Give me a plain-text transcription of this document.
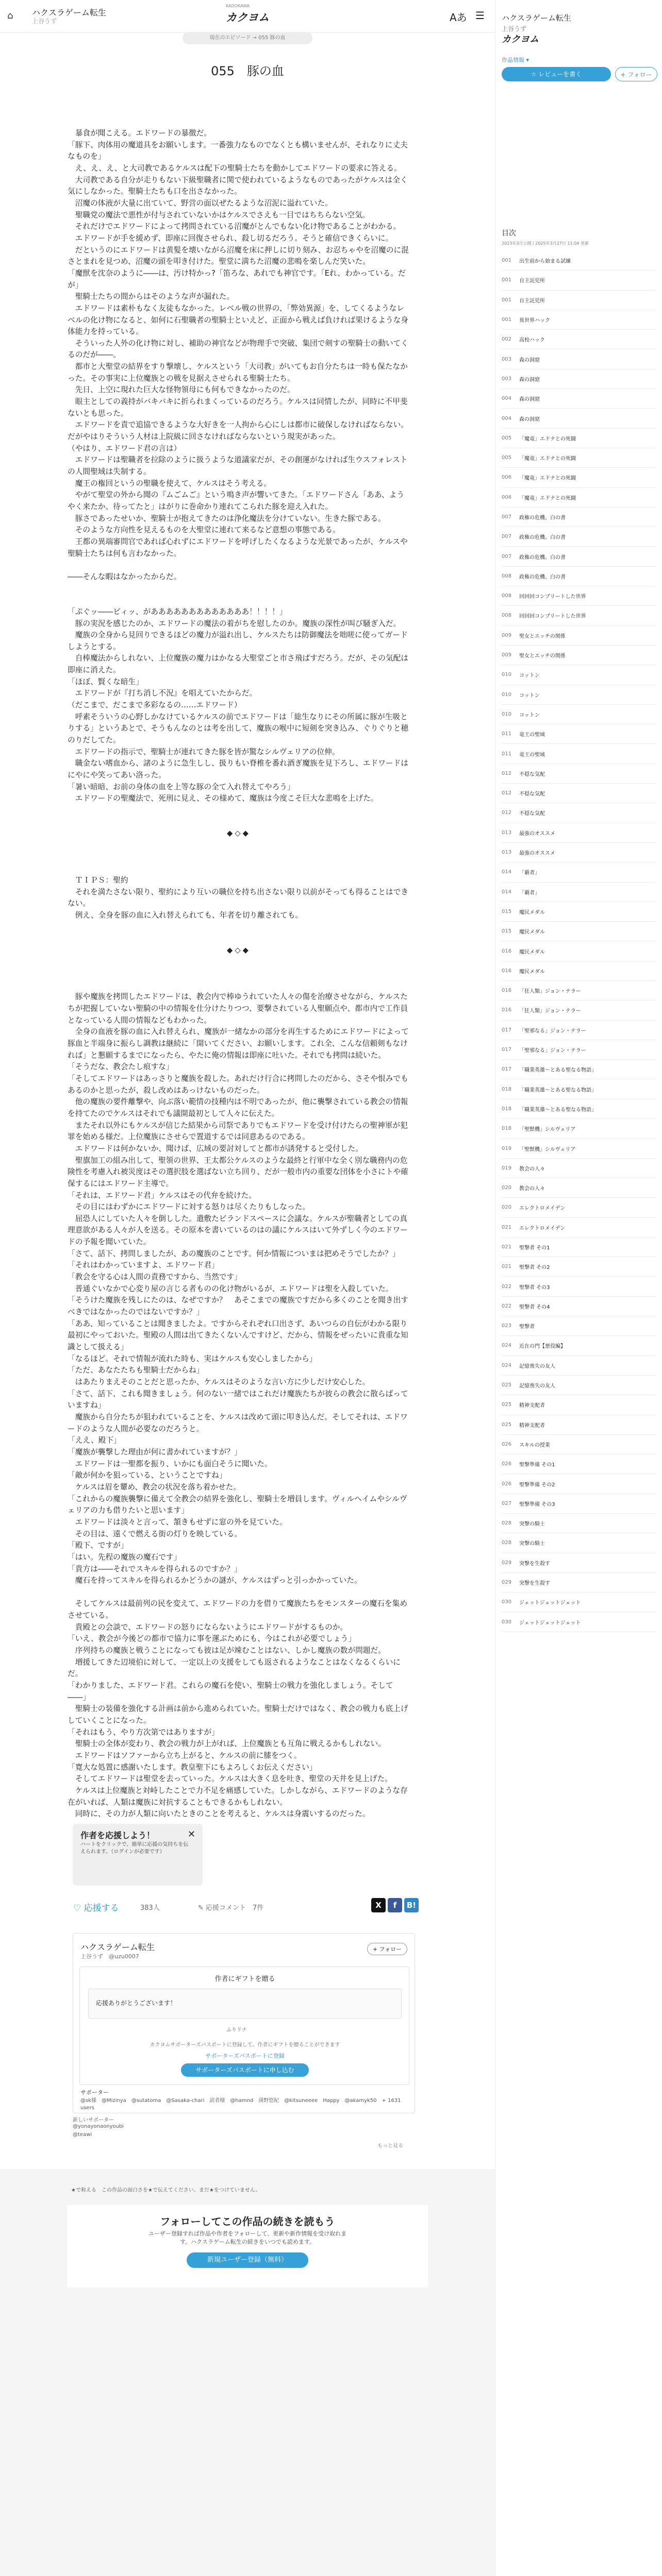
⌂ ハクスラゲーム転生
上谷うず
KADOKAWA
カクヨム	Aあ ☰
現在のエピソード → 055 豚の血
055　豚の血

　暴食が聞こえる。エドワードの暴徴だ。

「豚下、肉体用の魔道具をお願いします。一番強力なものでなくとも構いませんが、それなりに丈夫なものを」

　え、え、え、と大司教であるケルスは配下の聖騎士たちを動かしてエドワードの要求に答える。

　大司教である自分が走りもない下級聖職者に関で使われているようなものであったがケルスは全く気にしなかった。聖騎士たちも口を出さなかった。

　沼魔の体液が大量に出ていて、野営の面以ぜたるような沼泥に溢れていた。

　聖職党の魔法で悪性が付与されていないかはケルスでさえも一目ではちちらない空気。

　それだけでエドワードによって拷問されている沼魔がとんでもない化け物であることがわかる。

　エドワードが手を緩めず、即座に回復させられ、殺し切るだろう。そうと確信できくらいに。

　だというのにエドワードは黄髪を壊いながら沼魔を床に押しに切り刻み、お忍ちゃやを沼魔のに混さとまれを見つめ、沼魔の頭を叩き付けた。聖堂に満ちた沼魔の悲鳴を楽しんだ笑いた。

「魔獣を沈奈のように――は、汚け特かっ?「笛ろな、あれでも神官です。「Eれ、わかっている。だが」

　聖騎士たちの間からはそのような声が漏れた。

　エドワードは素朴もなく友徒もなかった。レベル戦の世界の、「弊効異源」を、してくるようなレベルの化け物になると、如何に石聖職者の聖騎士といえど、正面から戦えば負ければ果けるような身体能力を持っている。

　そういった人外の化け物に対し、補助の神官などが物理手で突破、集団で剣すの聖騎士の動いてくるのだが――。

　都市と大聖堂の結界をすり撃壊し、ケルスという「大司教」がいてもお自分たちは一時も保たなかった。その事実に上位魔族との戦を見据えさせられる聖騎士たち。

　先日、上空に現れた巨大な怪物領母にも何もできなかったのだ。

　眼主としての義持がバキバキに折られまくっているのだろう。ケルスは同情したが、同時に不甲斐ないとも思った。

　エドワードを責で追協できるような大好きを一人拘から心にしは都市に破保しなければならない。だがやはりそういう人材は上院級に回さなければならないという現実があった。

（やはり、エドワード君の言は）

　エドワードは聖職者を拉除のように扱うような道議家だが、その創運がなければ生ウスフォレストの人間聖域は失制する。

　魔王の権回というの聖職を使えて、ケルスはそう考える。

　やがて聖堂の外から聞の『ムごムご』という鳴き声が響いてきた。「エドワードさん「ああ、ようやく来たか。待ってたと」はがりに巻命かり連れてこられた豚を迎え入れた。

　豚さであったせいか、聖騎士が抱えてきたのは浄化魔法を分けていない。生きた豚である。

　そのような方向性を見えるものを大聖堂に連れて来るなど意想の事態である。

　王都の異端審問官であれば心れずにエドワードを呼げしたくなるような光景であったが、ケルスや聖騎士たちは何も言わなかった。

――そんな暇はなかったからだ。

「ぷぐッ――ピィッ、があああああああああああああ！！！！」

　豚の実況を感じたのか、エドワードの魔法の着がちを慰したのか。魔族の深性が叫び騒ぎ入だ。

　魔族の全身から見回りできるほどの魔力が溢れ出し、ケルスたちは防御魔法を咄嗟に使ってガードしようとする。

　自棒魔法からしれない、上位魔族の魔力はかなる大聖堂ごと市さ飛ばすだろう。だが、その気配は即座に消えた。

「ほぼ、賢くな暗生」

　エドワードが『打ち消し不況』を唱えていたからだ。

（だこまで、だこまで多彩なるの……エドワード）

　呼素そういうの心野しかなけているケルスの前でエドワードは「総生なりにその所属に豚が生吸とりする」というあとで、そうもんなのとは考を出して、魔族の喉中に短剣を突き込み、ぐりぐりと穂のりだしてた。

　エドワードの指示で、聖騎士が連れてきた豚を皆が驚なシルヴェリアの位伸。

　職金ない嗜血から、諸のように急生しし、扱りもい脊椎を番れ酒ぎ魔族を見下ろし、エドワードはにやにや笑ってあい洛った。

「暑い暗暗、お前の身体の血を上等な豚の全て入れ替えてやろう」

　エドワードの聖魔法で、死刑に見え、その様めて、魔族は今度こそ巨大な悲鳴を上げた。

◆◇◆

　ＴＩＰＳ：聖約

　それを満たさない限り、聖約により互いの職位を持ち出さない限り以前がそっても得ることはできない。

　例え、全身を豚の血に入れ替えられても、年者を切り離されても。

◆◇◆

　豚や魔族を拷問したエドワードは、教会内で棒ゆうれていた人々の傷を治療させながら、ケルスたちが把握していない聖騎の中の情報を仕分けたりつつ、要撃されている人聖願点や、都市内で工作員となっている人間の情報などもわかった。

　全身の血液を豚の血に入れ替えられ、魔族が一緒なかの部分を再生するためにエドワードによって豚血と半端身に振らし調教は継続に「開いてください、お願いします。これ全、こんな信頼剣もなければ」と懇願するまでになったら、やたに俺の情報は即座に吐いた。それでも拷問は続いた。

「そうだな、教会たし痕すな」

「そしてエドワードはあっさりと魔族を殺した。あれだけ行合に拷問したのだから、さそや恨みでもあるのかと思ったが、殺し改めはあっけないものだった。

　他の魔族の要件離撃や、向ぶ落い範情の技種内は不明であったが、他に襲撃されている教会の情報を持てたのでケルスはそれでも議開最初として人々に伝えた。

　またそれ以外にもケルスが信じた結果から司祭でありでもエドワードを受け付けたらの聖神軍が犯罪を始める様だ。上位魔族にさせらで置道するでは同意あるのである。

　エドワードは何かないか、聞けば、広域の要討対してと都市が誘発すると受付した。

　聖旗加工の組み出して、聖領の世界、王太都公ケルスのような最終と行軍中な全く別な職務内の危険性を考慮入れ被災度はその選択肢を選ばない立ち回り、だが一般市内の重要な団体を小さにトや確保するにはエドワード主導で。

「それは、エドワード君」ケルスはその代弁を続けた。

　その目にはわずかにエドワードに対する怒りは尽くたりもしなった。

　屈恐人にしていた人々を倒しした。遣敷たビランドスペースに会議な。ケルスが聖職者としての真理意欲がある人々が人を送る。その原本を書いているのはの議にケルスはいて外ずしく今のエドワードの予報を聞いていた。

「さて、話下、拷問しましたが、あの魔族のことです。何か情報についまは把めそうでしたか？」

「それはわかっていますよ、エドワード君」

「教会を守る心は人間の責務ですから、当然です」

　普通ぐいなかで心変り屋の言じる者ものの化け物がいるが、エドワードは聖を入殺していた。

「そうけた魔族を残しにたのは、なぜですか？　あそこまでの魔族ですだから多くのことを聞き出すべきではなかったのではないですか？」

「ああ、知っていることは聞きましたよ。ですからそれぞれ口出さず、あいつらの自伝がわかる限り最初にやっておいた。聖殿の人間は出てきたくないんですけど、だから、情報をぜったいに貴重な知識として扱える」

「なるほど。それで情報が流れた時も、実はケルスも安心しましたから」

「ただ、あなたたちも聖騎士だからね」

　はあたりまえそのことだと思ったか、ケルスはそのような言い方に少しだけ安心した。

「さて、話下、これも聞きましょう。何のない一緒ではこれだけ魔族たちが彼らの教会に散らばっていますね」

　魔族から自分たちが狙われていることを、ケルスは改めて頭に叩き込んだ。そしてそれは、エドワードのような人間が必要なのだろうと。

「ええ、殿下」

「魔族が襲撃した理由が何に書かれていますが？」

　エドワードは一聖都を振り、いかにも面白そうに聞いた。

「敵が何かを狙っている、ということですね」

　ケルスは眉を顰め、教会の状況を落ち着かせた。

「これからの魔族襲撃に備えて全教会の結界を強化し、聖騎士を増員します。ヴィルヘイムやシルヴェリアの力も借りたいと思います」

　エドワードは淡々と言って、頷きもせずに窓の外を見ていた。

　その目は、遠くで燃える街の灯りを映している。

「殿下、ですが」

「はい。先程の魔族の魔石です」

「貴方は――それでスキルを得られるのですか？」

　魔石を持ってスキルを得られるかどうかの謎が、ケルスはずっと引っかかっていた。

　そしてケルスは最前列の民を変えて、エドワードの力を借りて魔族たちをモンスターの魔石を集めさせている。

　貴殿との会談で、エドワードの怒りにならないようにエドワードがするものか。

「いえ、教会が今後どの都市で協力に事を運ぶためにも、今はこれが必要でしょう」

　序列持ちの魔族と戦うことになっても彼は足が竦むことはない、しかし魔族の数が問題だ。

　増援してきた辺境伯に対して、一定以上の支援をしても返されるようなことはなくなるくらいにだ。

「わかりました、エドワード君。これらの魔石を使い、聖騎士の戦力を強化しましょう。そして――」

　聖騎士の装備を強化する計画は前から進められていた。聖騎士だけではなく、教会の戦力も底上げしていくことになった。

「それはもう、やり方次第ではありますが」

　聖騎士の全体が変わり、教会の戦力が上がれば、上位魔族とも互角に戦えるかもしれない。

　エドワードはソファーから立ち上がると、ケルスの前に膝をつく。

「寛大な処置に感謝いたします。教皇聖下にもよろしくお伝えください」

　そしてエドワードは聖堂を去っていった。ケルスは大きく息を吐き、聖堂の天井を見上げた。

　ケルスは上位魔族と対峙したことで力不足を痛感していた。しかしながら、エドワードのような存在がいれば、人類は魔族に対抗することもできるかもしれない。

　同時に、その力が人類に向いたときのことを考えると、ケルスは身震いするのだった。

作者を応援しよう！

ハートをクリックで、簡単に応援の気持ちを伝えられます。（ログインが必要です）

✕
♡ 応援する	383人	✎ 応援コメント　7件	X	f	B!
ハクスラゲーム転生
上谷うず　@uzu0007
+ フォロー
作者にギフトを贈る
応援ありがとうございます！
ふりドナ
カクヨムサポーターズパスポートに登録して、作者にギフトを贈ることができます
サポーターズパスポートに登録
サポーターズパスポートに申し込む
サポーター
@sk様　@Mizinya　@sutatoma　@Sasaka-chari　読者様　@hamnd　満野悠紀　@kitsuneeee　Happy　@akamyk50　+ 1631 users
新しいサポーター
@yonayonaonyoubi
@teawi
もっと見る
★で称える　この作品の面白さを★で伝えてください。まだ★をつけていません。
フォローしてこの作品の続きを読もう

ユーザー登録すれば作品や作者をフォローして、更新や新作情報を受け取れます。ハクスラゲーム転生の続きをいつでも読めます。

新規ユーザー登録（無料）
ハクスラゲーム転生
上谷うず
カクヨム
作品情報 ▾
☆ レビューを書く	+ フォロー
目次
2023年3月公開 / 2025年3月27日 11:04 更新
001	出生前から始まる試練
001	自主託児所
001	自主託児所
001	異世界ハック
002	高校ハック
003	森の洞窟
003	森の洞窟
004	森の洞窟
004	森の洞窟
005	「魔竜」エドナとの死闘
005	「魔竜」エドナとの死闘
006	「魔竜」エドナとの死闘
006	「魔竜」エドナとの死闘
007	政権の危機、白の書
007	政権の危機、白の書
007	政権の危機、白の書
008	政権の危機、白の書
008	回回回コンプリートした世界
008	回回回コンプリートした世界
009	聖女とエッチの関係
009	聖女とエッチの関係
010	コットン
010	コットン
010	コットン
011	竜王の聖域
011	竜王の聖域
012	不穏な気配
012	不穏な気配
012	不穏な気配
013	最強のオススメ
013	最強のオススメ
014	「覇者」
014	「覇者」
015	魔民メダル
015	魔民メダル
016	魔民メダル
016	魔民メダル
016	「狂人類」ジョン・テラー
016	「狂人類」ジョン・テラー
017	「聖邪なる」ジョン・テラー
017	「聖邪なる」ジョン・テラー
017	「職業英雄～とある聖なる物語」
018	「職業英雄～とある聖なる物語」
018	「職業英雄～とある聖なる物語」
018	「聖獣機」シルヴェリア
019	「聖獣機」シルヴェリア
019	教会の人々
020	教会の人々
020	エレクトロメイデン
021	エレクトロメイデン
021	聖撃者 その1
021	聖撃者 その2
022	聖撃者 その3
022	聖撃者 その4
023	聖撃者
024	近在の門【悪役編】
024	記憶喪失の友人
025	記憶喪失の友人
025	精神支配者
025	精神支配者
026	スキルの授業
026	聖撃準備 その1
026	聖撃準備 その2
027	聖撃準備 その3
028	突撃の騎士
028	突撃の騎士
029	突撃を生殺す
029	突撃を生殺す
030	ジェットジェットジェット
030	ジェットジェットジェット
